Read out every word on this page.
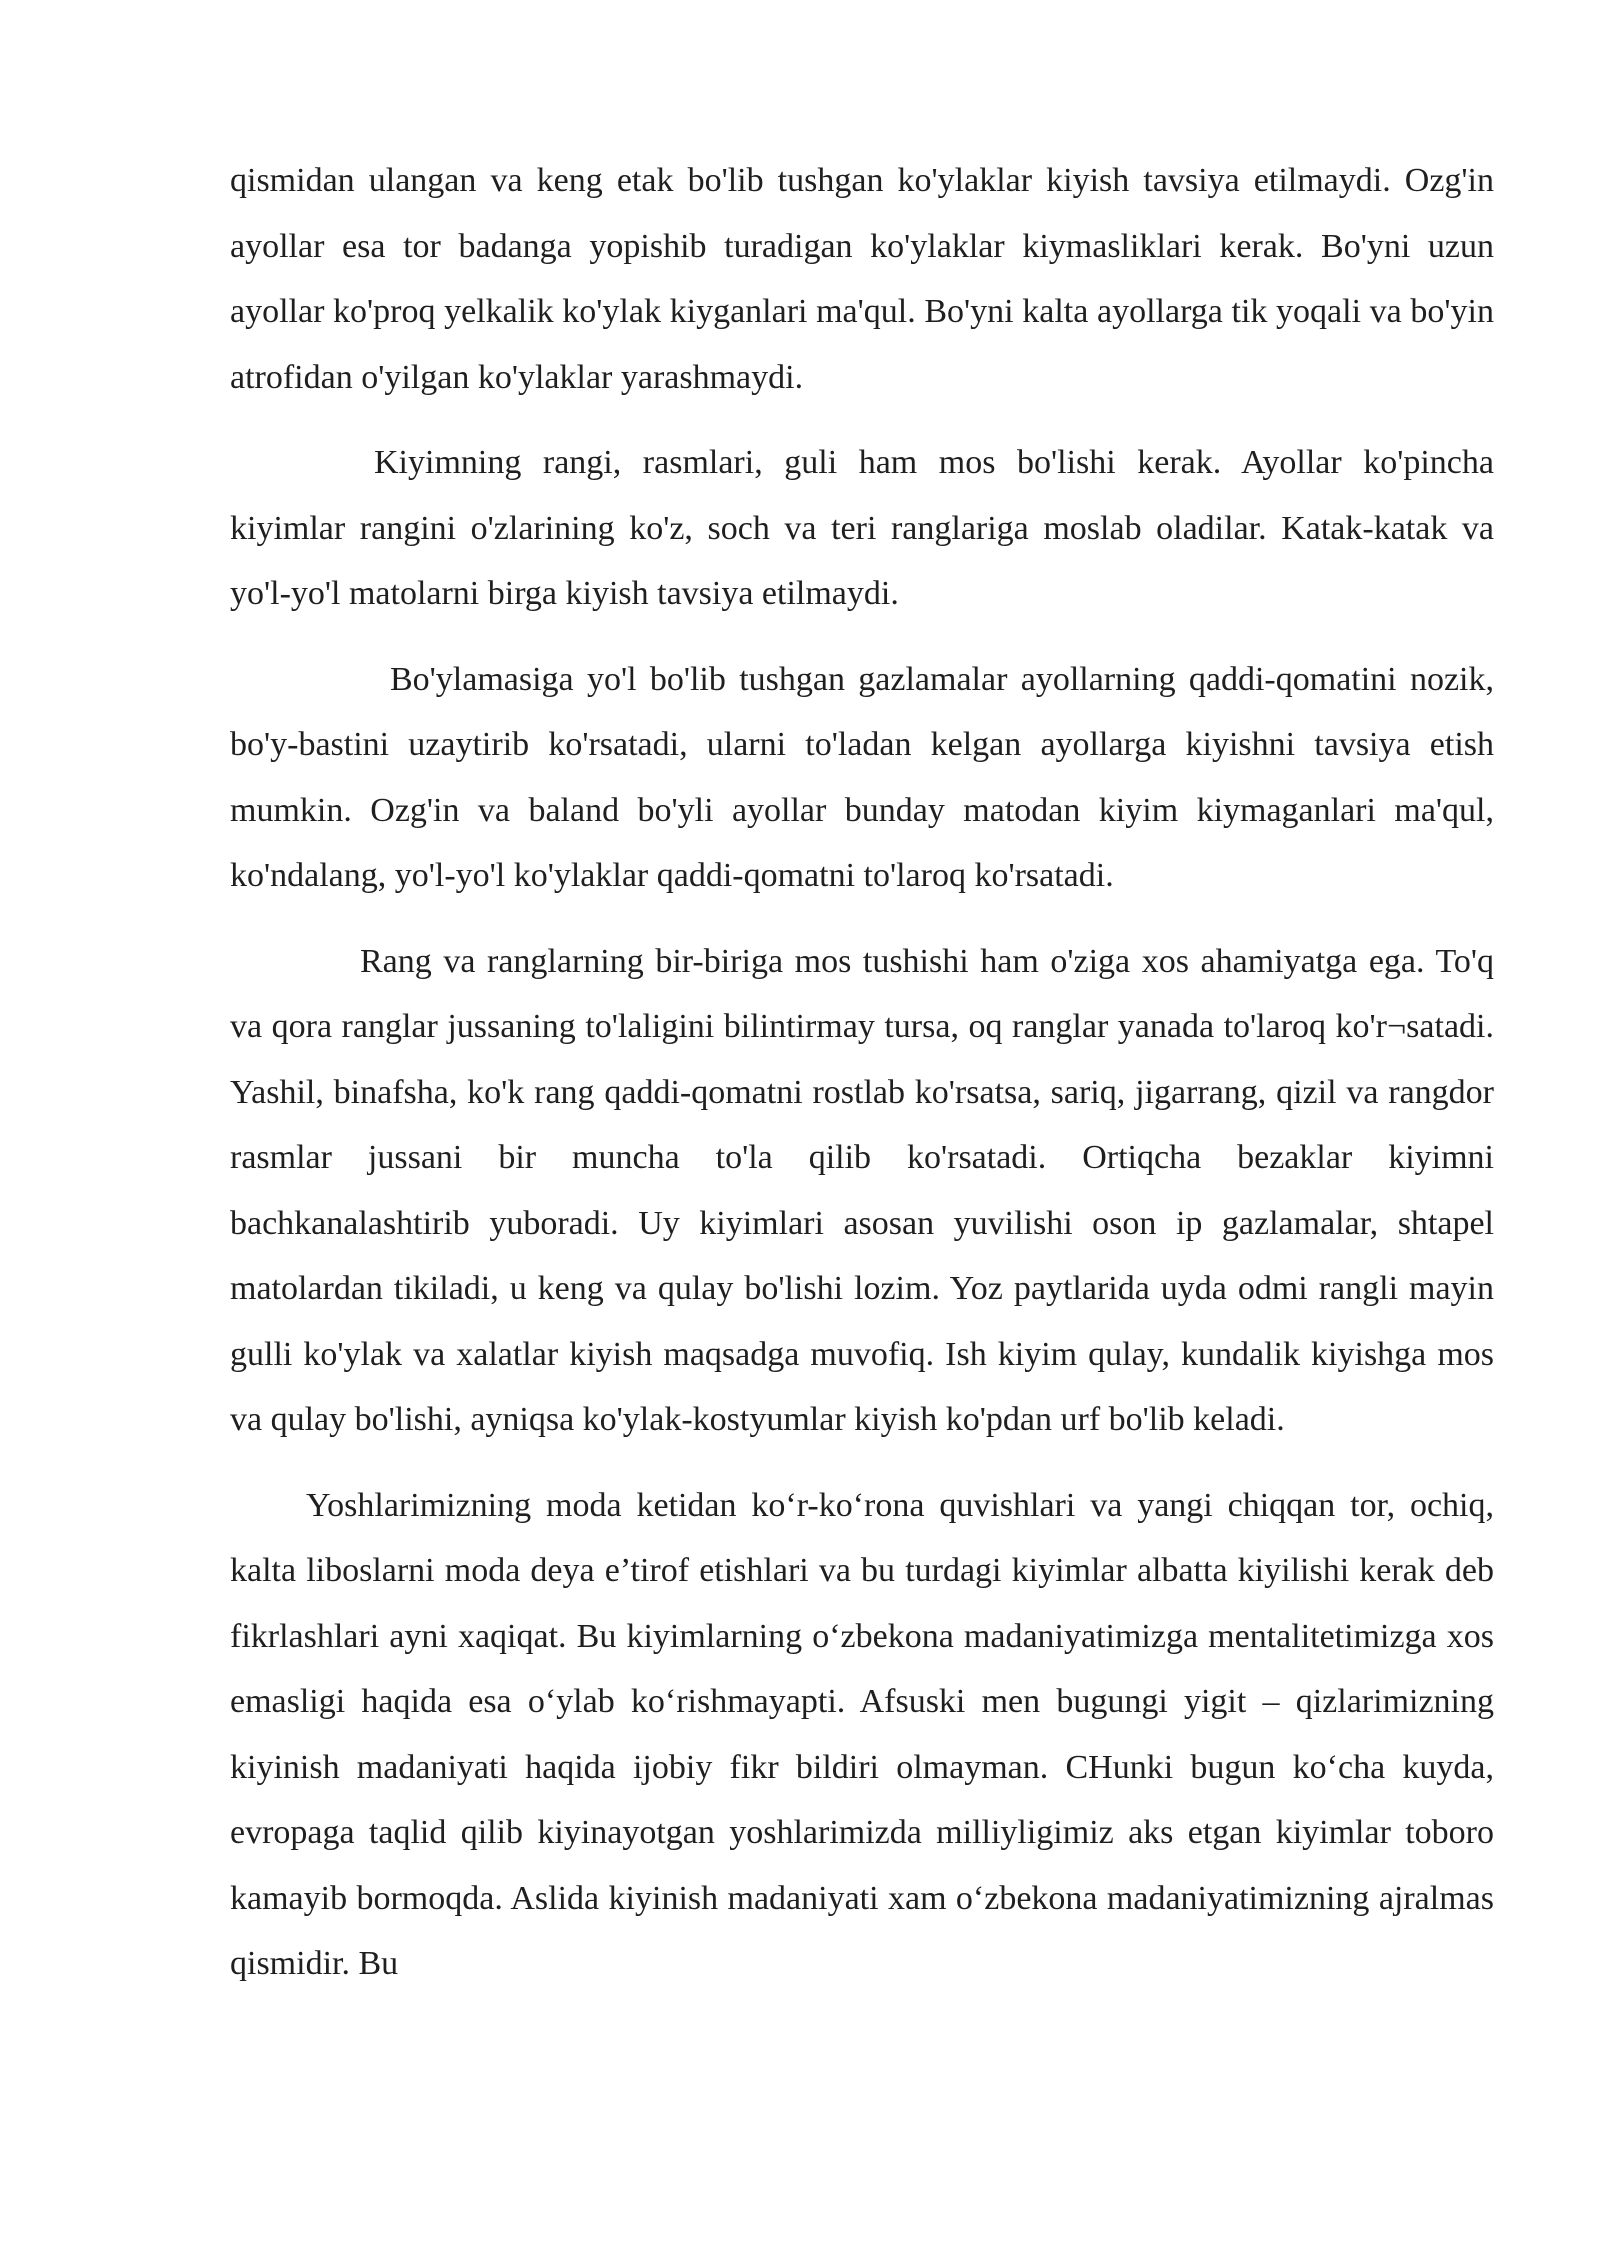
qismidan ulangan va keng etak bo'lib tushgan ko'ylaklar kiyish tavsiya etilmaydi. Ozg'in ayollar esa tor badanga yopishib turadigan ko'ylaklar kiymasliklari kerak. Bo'yni uzun ayollar ko'proq yelkalik ko'ylak kiyganlari ma'qul. Bo'yni kalta ayollarga tik yoqali va bo'yin atrofidan o'yilgan ko'ylaklar yarashmaydi.

Kiyimning rangi, rasmlari, guli ham mos bo'lishi kerak. Ayollar ko'pincha kiyimlar rangini o'zlarining ko'z, soch va teri ranglariga moslab oladilar. Katak-katak va yo'l-yo'l matolarni birga kiyish tavsiya etilmaydi.

Bo'ylamasiga yo'l bo'lib tushgan gazlamalar ayollarning qaddi-qomatini nozik, bo'y-bastini uzaytirib ko'rsatadi, ularni to'ladan kelgan ayollarga kiyishni tavsiya etish mumkin. Ozg'in va baland bo'yli ayollar bunday matodan kiyim kiymaganlari ma'qul, ko'ndalang, yo'l-yo'l ko'ylaklar qaddi-qomatni to'laroq ko'rsatadi.

Rang va ranglarning bir-biriga mos tushishi ham o'ziga xos ahamiyatga ega. To'q va qora ranglar jussaning to'laligini bilintirmay tursa, oq ranglar yanada to'laroq ko'r¬satadi. Yashil, binafsha, ko'k rang qaddi-qomatni rostlab ko'rsatsa, sariq, jigarrang, qizil va rangdor rasmlar jussani bir muncha to'la qilib ko'rsatadi. Ortiqcha bezaklar kiyimni bachkanalashtirib yuboradi. Uy kiyimlari asosan yuvilishi oson ip gazlamalar, shtapel matolardan tikiladi, u keng va qulay bo'lishi lozim. Yoz paytlarida uyda odmi rangli mayin gulli ko'ylak va xalatlar kiyish maqsadga muvofiq. Ish kiyim qulay, kundalik kiyishga mos va qulay bo'lishi, ayniqsa ko'ylak-kostyumlar kiyish ko'pdan urf bo'lib keladi.

Yoshlarimizning moda ketidan ko‘r-ko‘rona quvishlari va yangi chiqqan tor, ochiq, kalta liboslarni moda deya e’tirof etishlari va bu turdagi kiyimlar albatta kiyilishi kerak deb fikrlashlari ayni xaqiqat. Bu kiyimlarning o‘zbekona madaniyatimizga mentalitetimizga xos emasligi haqida esa o‘ylab ko‘rishmayapti. Afsuski men bugungi yigit – qizlarimizning kiyinish madaniyati haqida ijobiy fikr bildiri olmayman. CHunki bugun ko‘cha kuyda, evropaga taqlid qilib kiyinayotgan yoshlarimizda milliyligimiz aks etgan kiyimlar toboro kamayib bormoqda. Aslida kiyinish madaniyati xam o‘zbekona madaniyatimizning ajralmas qismidir. Bu
